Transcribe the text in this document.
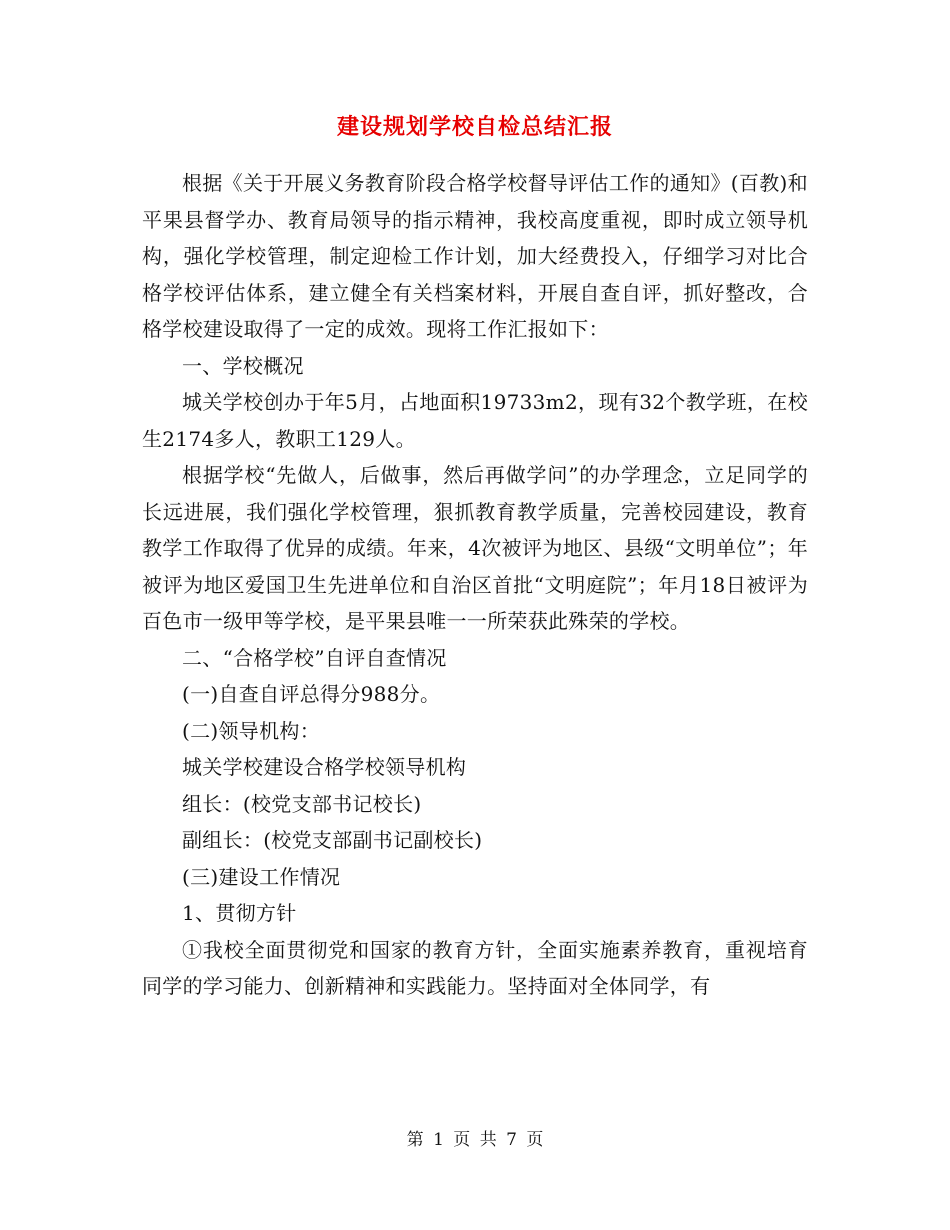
建设规划学校自检总结汇报

根据《关于开展义务教育阶段合格学校督导评估工作的通知》(百教)和平果县督学办、教育局领导的指示精神，我校高度重视，即时成立领导机构，强化学校管理，制定迎检工作计划，加大经费投入，仔细学习对比合格学校评估体系，建立健全有关档案材料，开展自查自评，抓好整改，合格学校建设取得了一定的成效。现将工作汇报如下：

一、学校概况

城关学校创办于年5月，占地面积19733m2，现有32个教学班，在校生2174多人，教职工129人。

根据学校“先做人，后做事，然后再做学问”的办学理念，立足同学的长远进展，我们强化学校管理，狠抓教育教学质量，完善校园建设，教育教学工作取得了优异的成绩。年来，4次被评为地区、县级“文明单位”；年被评为地区爱国卫生先进单位和自治区首批“文明庭院”；年月18日被评为百色市一级甲等学校，是平果县唯一一所荣获此殊荣的学校。

二、“合格学校”自评自查情况

(一)自查自评总得分988分。

(二)领导机构：

城关学校建设合格学校领导机构

组长：(校党支部书记校长)

副组长：(校党支部副书记副校长)

(三)建设工作情况

1、贯彻方针

①我校全面贯彻党和国家的教育方针，全面实施素养教育，重视培育同学的学习能力、创新精神和实践能力。坚持面对全体同学，有

第 1 页 共 7 页
